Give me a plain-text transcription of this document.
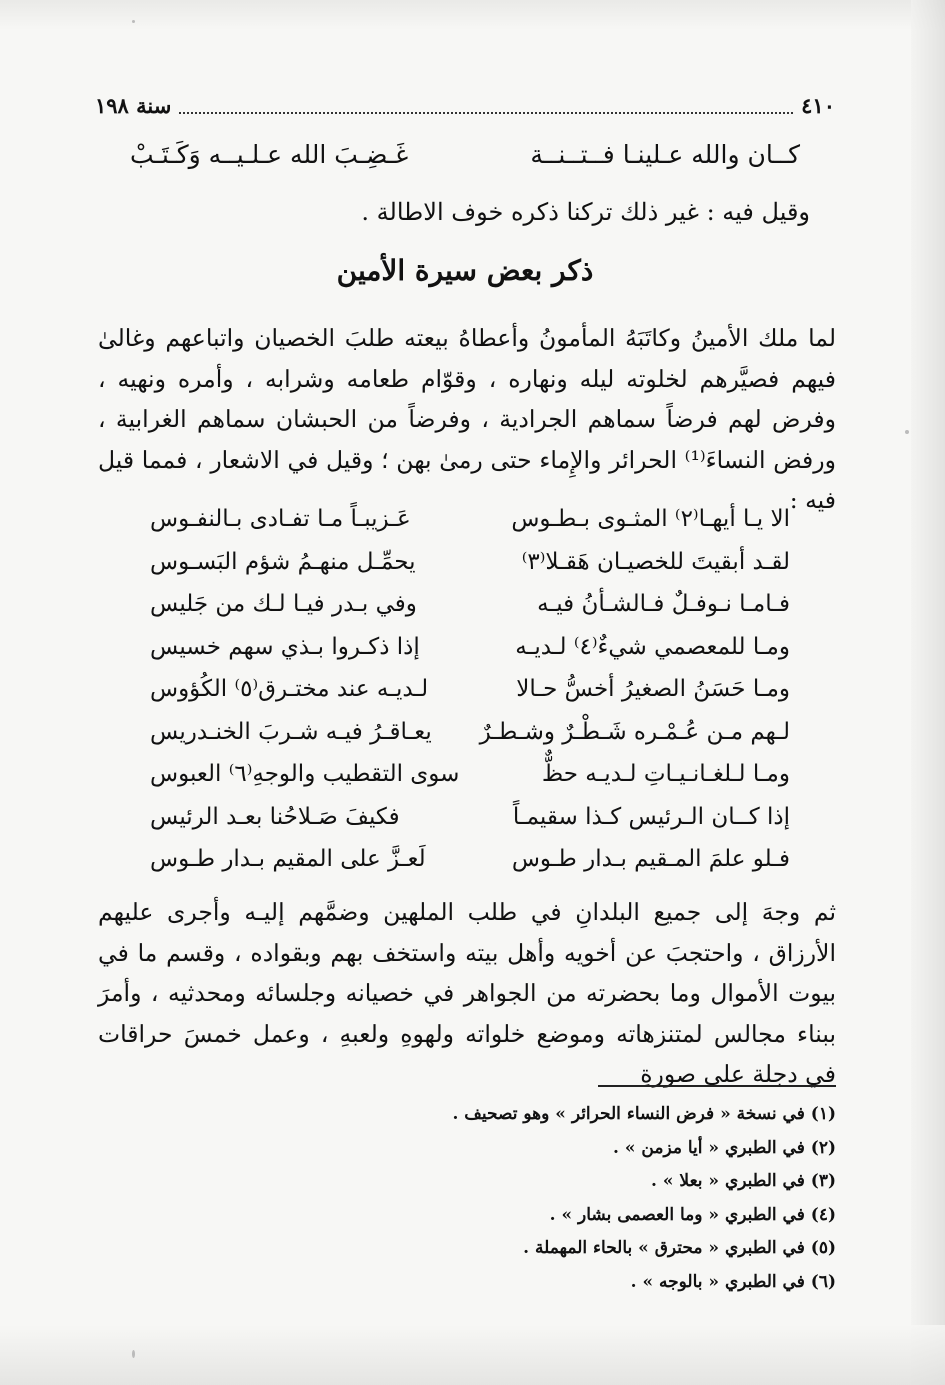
٤١٠
سنة ١٩٨
كــان والله عـلينـا فــتــنــة
غَـضِـبَ الله عـلـيــه وَكَـتَـبْ
وقيل فيه : غير ذلك تركنا ذكره خوف الاطالة .
ذكر بعض سيرة الأمين
لما ملك الأمينُ وكاتَبَهُ المأمونُ وأعطاهُ بيعته طلبَ الخصيان واتباعهم وغالىٰ فيهم فصيَّرهم لخلوته ليله ونهاره ، وقوّام طعامه وشرابه ، وأمره ونهيه ، وفرض لهم فرضاً سماهم الجرادية ، وفرضاً من الحبشان سماهم الغرابية ، ورفض النساءَ⁽¹⁾ الحرائر والإِماء حتى رمىٰ بهن ؛ وقيل في الاشعار ، فمما قيل فيه :
الا يـا أيهـا⁽٢⁾ المثـوى بـطـوس
عَـزيبـاً مـا تفـادى بـالنفـوس
لقـد أبقيتَ للخصيـان هَقـلا⁽٣⁾
يحمِّـل منهـمُ شؤم البَسـوس
فـامـا نـوفـلٌ فـالشـأنُ فيـه
وفي بـدر فيـا لـك من جَليس
ومـا للمعصمي شيءٌ⁽٤⁾ لـديـه
إذا ذكـروا بـذي سهم خسيس
ومـا حَسَنُ الصغيرُ أخسُّ حـالا
لـديـه عند مختـرق⁽٥⁾ الكُؤوس
لـهم مـن عُـمْـره شَـطْـرٌ وشـطـرٌ
يعـاقـرُ فيـه شـربَ الخنـدريس
ومـا لـلغـانـيـاتِ لـديـه حظٌّ
سوى التقطيب والوجهِ⁽٦⁾ العبوس
إذا كــان الـرئيس كـذا سقيمـاً
فكيفَ صَـلاحُنا بعـد الرئيس
فـلو علمَ المـقيم بـدار طـوس
لَعـزَّ على المقيم بـدار طـوس
ثم وجهَ إلى جميع البلدانِ في طلب الملهين وضمَّهم إليـه وأجرى عليهم الأرزاق ، واحتجبَ عن أخويه وأهل بيته واستخف بهم وبقواده ، وقسم ما في بيوت الأموال وما بحضرته من الجواهر في خصيانه وجلسائه ومحدثيه ، وأمرَ ببناء مجالس لمتنزهاته وموضع خلواته ولهوهِ ولعبهِ ، وعمل خمسَ حراقات في دجلة على صورةِ
(١) في نسخة « فرض النساء الحرائر » وهو تصحيف .
(٢) في الطبري « أيا مزمن » .
(٣) في الطبري « بعلا » .
(٤) في الطبري « وما العصمى بشار » .
(٥) في الطبري « محترق » بالحاء المهملة .
(٦) في الطبري « بالوجه » .
